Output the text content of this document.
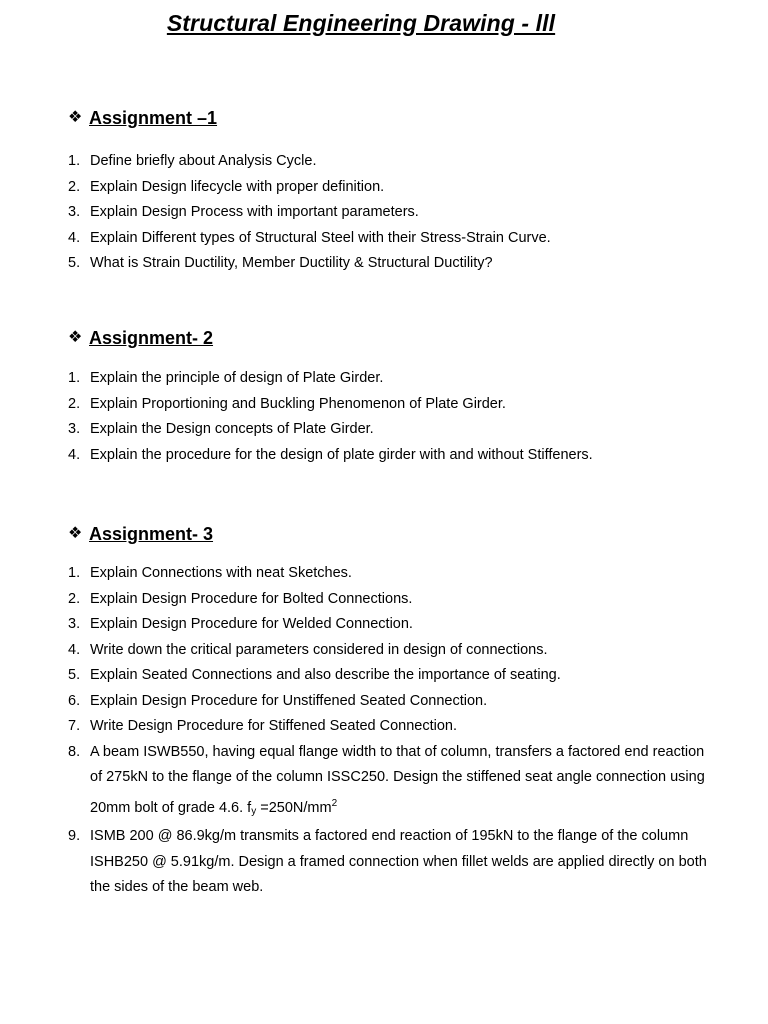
Structural Engineering Drawing - lll
❖ Assignment –1
1. Define briefly about Analysis Cycle.
2. Explain Design lifecycle with proper definition.
3. Explain Design Process with important parameters.
4. Explain Different types of Structural Steel with their Stress-Strain Curve.
5. What is Strain Ductility, Member Ductility & Structural Ductility?
❖ Assignment- 2
1. Explain the principle of design of Plate Girder.
2. Explain Proportioning and Buckling Phenomenon of Plate Girder.
3. Explain the Design concepts of Plate Girder.
4. Explain the procedure for the design of plate girder with and without Stiffeners.
❖ Assignment- 3
1. Explain Connections with neat Sketches.
2. Explain Design Procedure for Bolted Connections.
3. Explain Design Procedure for Welded Connection.
4. Write down the critical parameters considered in design of connections.
5. Explain Seated Connections and also describe the importance of seating.
6. Explain Design Procedure for Unstiffened Seated Connection.
7. Write Design Procedure for Stiffened Seated Connection.
8. A beam ISWB550, having equal flange width to that of column, transfers a factored end reaction of 275kN to the flange of the column ISSC250. Design the stiffened seat angle connection using 20mm bolt of grade 4.6. $f_y =250N/mm^2$
9. ISMB 200 @ 86.9kg/m transmits a factored end reaction of 195kN to the flange of the column ISHB250 @ 5.91kg/m. Design a framed connection when fillet welds are applied directly on both the sides of the beam web.
